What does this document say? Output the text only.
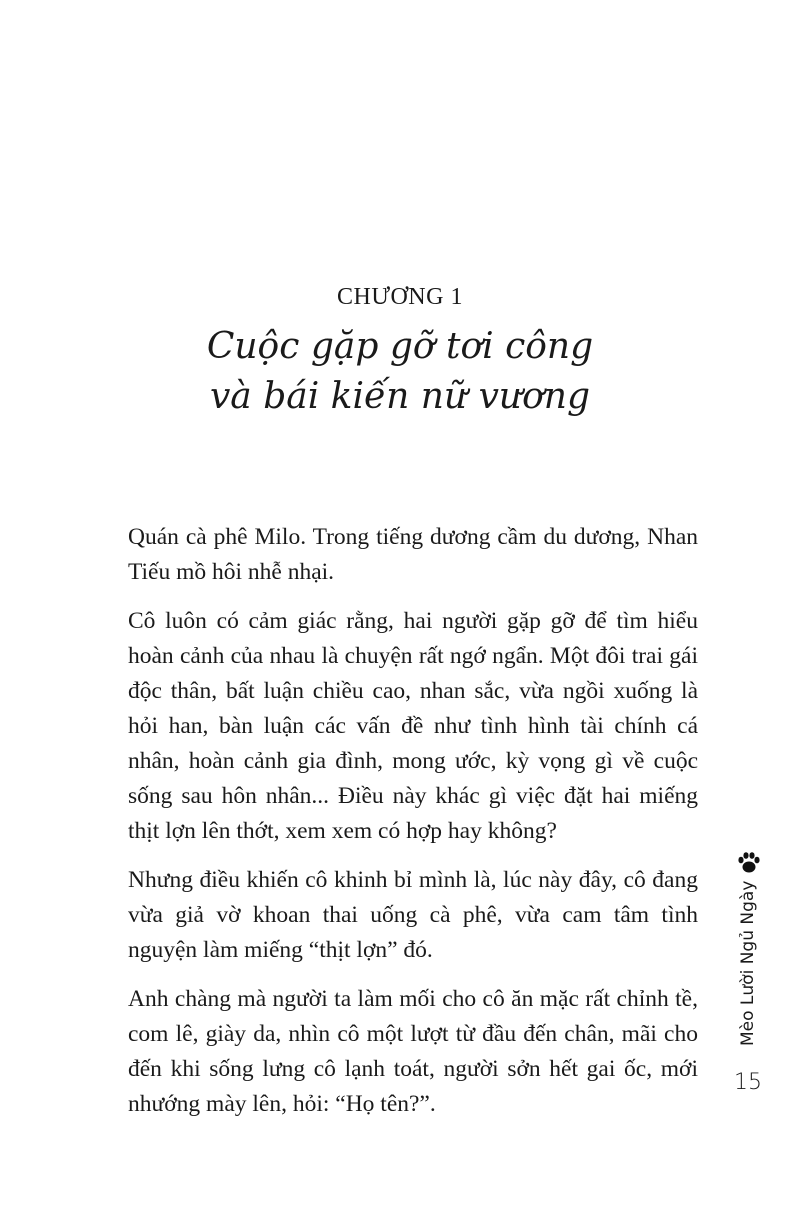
CHƯƠNG 1
Cuộc gặp gỡ tơi công
và bái kiến nữ vương

Quán cà phê Milo. Trong tiếng dương cầm du dương, Nhan Tiếu mồ hôi nhễ nhại.

Cô luôn có cảm giác rằng, hai người gặp gỡ để tìm hiểu hoàn cảnh của nhau là chuyện rất ngớ ngẩn. Một đôi trai gái độc thân, bất luận chiều cao, nhan sắc, vừa ngồi xuống là hỏi han, bàn luận các vấn đề như tình hình tài chính cá nhân, hoàn cảnh gia đình, mong ước, kỳ vọng gì về cuộc sống sau hôn nhân... Điều này khác gì việc đặt hai miếng thịt lợn lên thớt, xem xem có hợp hay không?

Nhưng điều khiến cô khinh bỉ mình là, lúc này đây, cô đang vừa giả vờ khoan thai uống cà phê, vừa cam tâm tình nguyện làm miếng “thịt lợn” đó.

Anh chàng mà người ta làm mối cho cô ăn mặc rất chỉnh tề, com lê, giày da, nhìn cô một lượt từ đầu đến chân, mãi cho đến khi sống lưng cô lạnh toát, người sởn hết gai ốc, mới nhướng mày lên, hỏi: “Họ tên?”.

Mèo Lười Ngủ Ngày
15
